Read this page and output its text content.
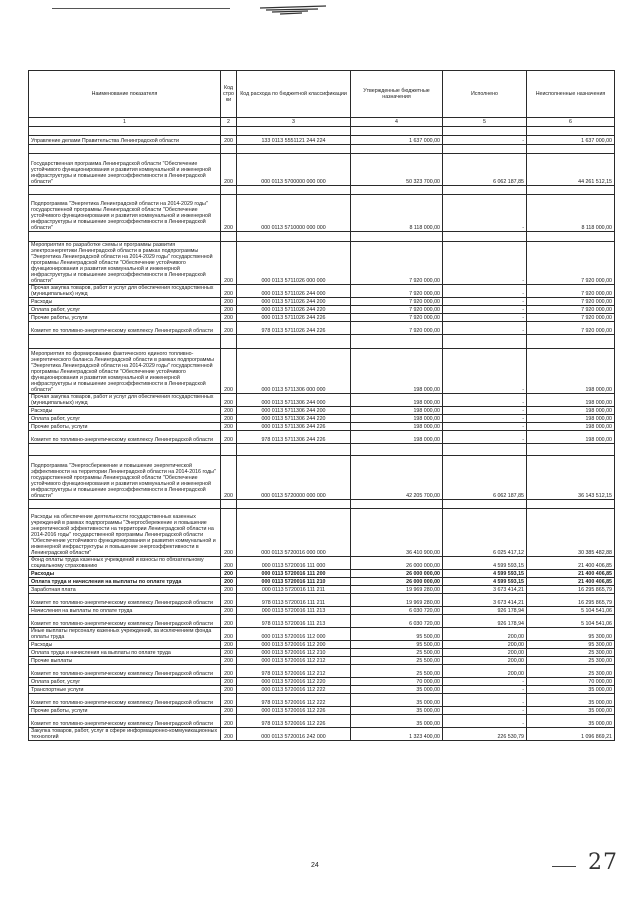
Наименование показателя	Код стро ки	Код расхода по бюджетной классификации	Утвержденные бюджетные назначения	Исполнено	Неисполненные назначения
1	2	3	4	5	6

Управление делами Правительства Ленинградской области	200	133 0113 5551121 244 224	1 637 000,00	-	1 637 000,00

Государственная программа Ленинградской области "Обеспечение устойчивого функционирования и развития коммунальной и инженерной инфраструктуры и повышение энергоэффективности в Ленинградской области"	200	000 0113 5700000 000 000	50 323 700,00	6 062 187,85	44 261 512,15

Подпрограмма "Энергетика Ленинградской области на 2014-2029 годы" государственной программы Ленинградской области "Обеспечение устойчивого функционирования и развития коммунальной и инженерной инфраструктуры и повышение энергоэффективности в Ленинградской области"	200	000 0113 5710000 000 000	8 118 000,00	-	8 118 000,00

Мероприятия по разработке схемы и программы развития электроэнергетики Ленинградской области в рамках подпрограммы "Энергетика Ленинградской области на 2014-2029 годы" государственной программы Ленинградской области "Обеспечение устойчивого функционирования и развития коммунальной и инженерной инфраструктуры и повышение энергоэффективности в Ленинградской области"	200	000 0113 5711026 000 000	7 920 000,00	-	7 920 000,00
Прочая закупка товаров, работ и услуг для обеспечения государственных (муниципальных) нужд	200	000 0113 5711026 244 000	7 920 000,00	-	7 920 000,00
Расходы	200	000 0113 5711026 244 200	7 920 000,00	-	7 920 000,00
Оплата работ, услуг	200	000 0113 5711026 244 220	7 920 000,00	-	7 920 000,00
Прочие работы, услуги	200	000 0113 5711026 244 226	7 920 000,00	-	7 920 000,00
Комитет по топливно-энергетическому комплексу Ленинградской области	200	978 0113 5711026 244 226	7 920 000,00	-	7 920 000,00

Мероприятия по формированию фактического единого топливно-энергетического баланса Ленинградской области в рамках подпрограммы "Энергетика Ленинградской области на 2014-2029 годы" государственной программы Ленинградской области "Обеспечение устойчивого функционирования и развития коммунальной и инженерной инфраструктуры и повышение энергоэффективности в Ленинградской области"	200	000 0113 5711306 000 000	198 000,00	-	198 000,00
Прочая закупка товаров, работ и услуг для обеспечения государственных (муниципальных) нужд	200	000 0113 5711306 244 000	198 000,00	-	198 000,00
Расходы	200	000 0113 5711306 244 200	198 000,00	-	198 000,00
Оплата работ, услуг	200	000 0113 5711306 244 220	198 000,00	-	198 000,00
Прочие работы, услуги	200	000 0113 5711306 244 226	198 000,00	-	198 000,00
Комитет по топливно-энергетическому комплексу Ленинградской области	200	978 0113 5711306 244 226	198 000,00	-	198 000,00

Подпрограмма "Энергосбережение и повышение энергетической эффективности на территории Ленинградской области на 2014-2016 годы" государственной программы Ленинградской области "Обеспечение устойчивого функционирования и развития коммунальной и инженерной инфраструктуры и повышение энергоэффективности в Ленинградской области"	200	000 0113 5720000 000 000	42 205 700,00	6 062 187,85	36 143 512,15

Расходы на обеспечение деятельности государственных казенных учреждений в рамках подпрограммы "Энергосбережение и повышение энергетической эффективности на территории Ленинградской области на 2014-2016 годы" государственной программы Ленинградской области "Обеспечение устойчивого функционирования и развития коммунальной и инженерной инфраструктуры и повышение энергоэффективности в Ленинградской области"	200	000 0113 5720016 000 000	36 410 900,00	6 025 417,12	30 385 482,88
Фонд оплаты труда казенных учреждений и взносы по обязательному социальному страхованию	200	000 0113 5720016 111 000	26 000 000,00	4 599 593,15	21 400 406,85
Расходы	200	000 0113 5720016 111 200	26 000 000,00	4 599 593,15	21 400 406,85
Оплата труда и начисления на выплаты по оплате труда	200	000 0113 5720016 111 210	26 000 000,00	4 599 593,15	21 400 406,85
Заработная плата	200	000 0113 5720016 111 211	19 969 280,00	3 673 414,21	16 295 865,79
Комитет по топливно-энергетическому комплексу Ленинградской области	200	978 0113 5720016 111 211	19 969 280,00	3 673 414,21	16 295 865,79
Начисления на выплаты по оплате труда	200	000 0113 5720016 111 213	6 030 720,00	926 178,94	5 104 541,06
Комитет по топливно-энергетическому комплексу Ленинградской области	200	978 0113 5720016 111 213	6 030 720,00	926 178,94	5 104 541,06
Иные выплаты персоналу казенных учреждений, за исключением фонда оплаты труда	200	000 0113 5720016 112 000	95 500,00	200,00	95 300,00
Расходы	200	000 0113 5720016 112 200	95 500,00	200,00	95 300,00
Оплата труда и начисления на выплаты по оплате труда	200	000 0113 5720016 112 210	25 500,00	200,00	25 300,00
Прочие выплаты	200	000 0113 5720016 112 212	25 500,00	200,00	25 300,00
Комитет по топливно-энергетическому комплексу Ленинградской области	200	978 0113 5720016 112 212	25 500,00	200,00	25 300,00
Оплата работ, услуг	200	000 0113 5720016 112 220	70 000,00	-	70 000,00
Транспортные услуги	200	000 0113 5720016 112 222	35 000,00	-	35 000,00
Комитет по топливно-энергетическому комплексу Ленинградской области	200	978 0113 5720016 112 222	35 000,00	-	35 000,00
Прочие работы, услуги	200	000 0113 5720016 112 226	35 000,00	-	35 000,00
Комитет по топливно-энергетическому комплексу Ленинградской области	200	978 0113 5720016 112 226	35 000,00	-	35 000,00
Закупка товаров, работ, услуг в сфере информационно-коммуникационных технологий	200	000 0113 5720016 242 000	1 323 400,00	226 530,79	1 096 869,21
24	27
